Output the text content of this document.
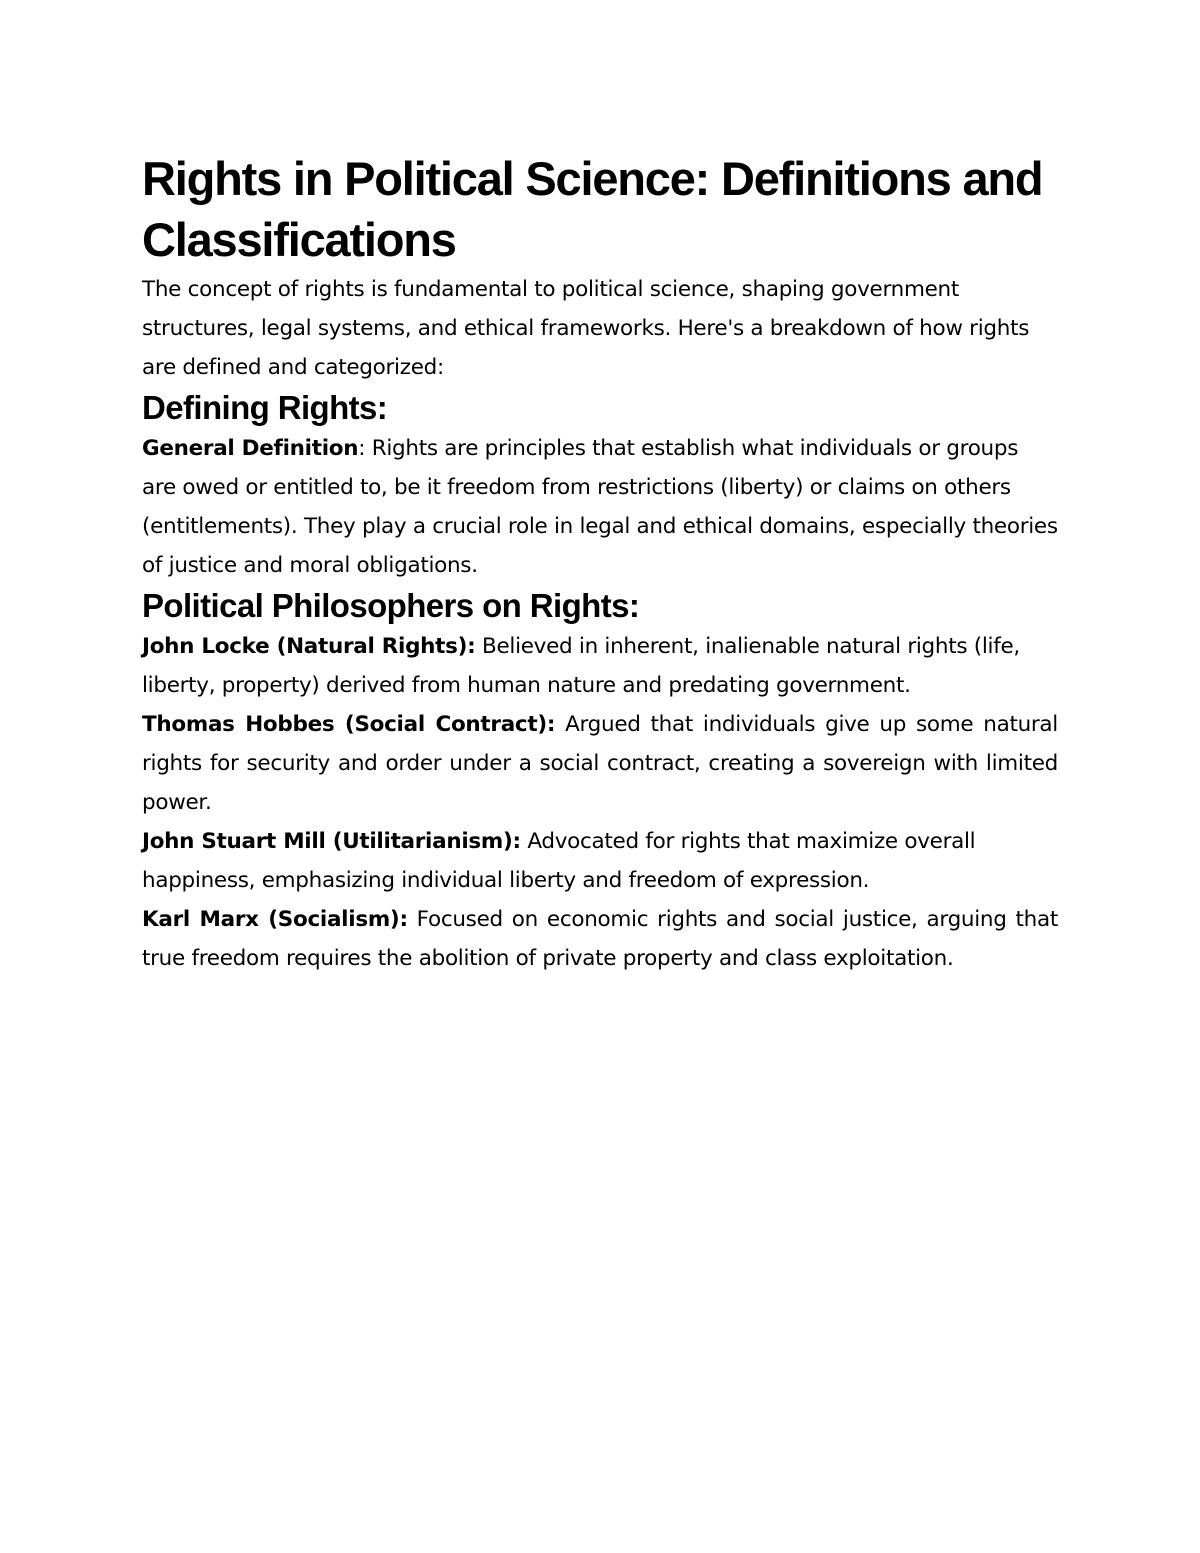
Rights in Political Science: Definitions and Classifications

The concept of rights is fundamental to political science, shaping government structures, legal systems, and ethical frameworks. Here's a breakdown of how rights are defined and categorized:

Defining Rights:

General Definition: Rights are principles that establish what individuals or groups are owed or entitled to, be it freedom from restrictions (liberty) or claims on others (entitlements). They play a crucial role in legal and ethical domains, especially theories of justice and moral obligations.

Political Philosophers on Rights:

John Locke (Natural Rights): Believed in inherent, inalienable natural rights (life, liberty, property) derived from human nature and predating government.

Thomas Hobbes (Social Contract): Argued that individuals give up some natural rights for security and order under a social contract, creating a sovereign with limited power.

John Stuart Mill (Utilitarianism): Advocated for rights that maximize overall happiness, emphasizing individual liberty and freedom of expression.

Karl Marx (Socialism): Focused on economic rights and social justice, arguing that true freedom requires the abolition of private property and class exploitation.
